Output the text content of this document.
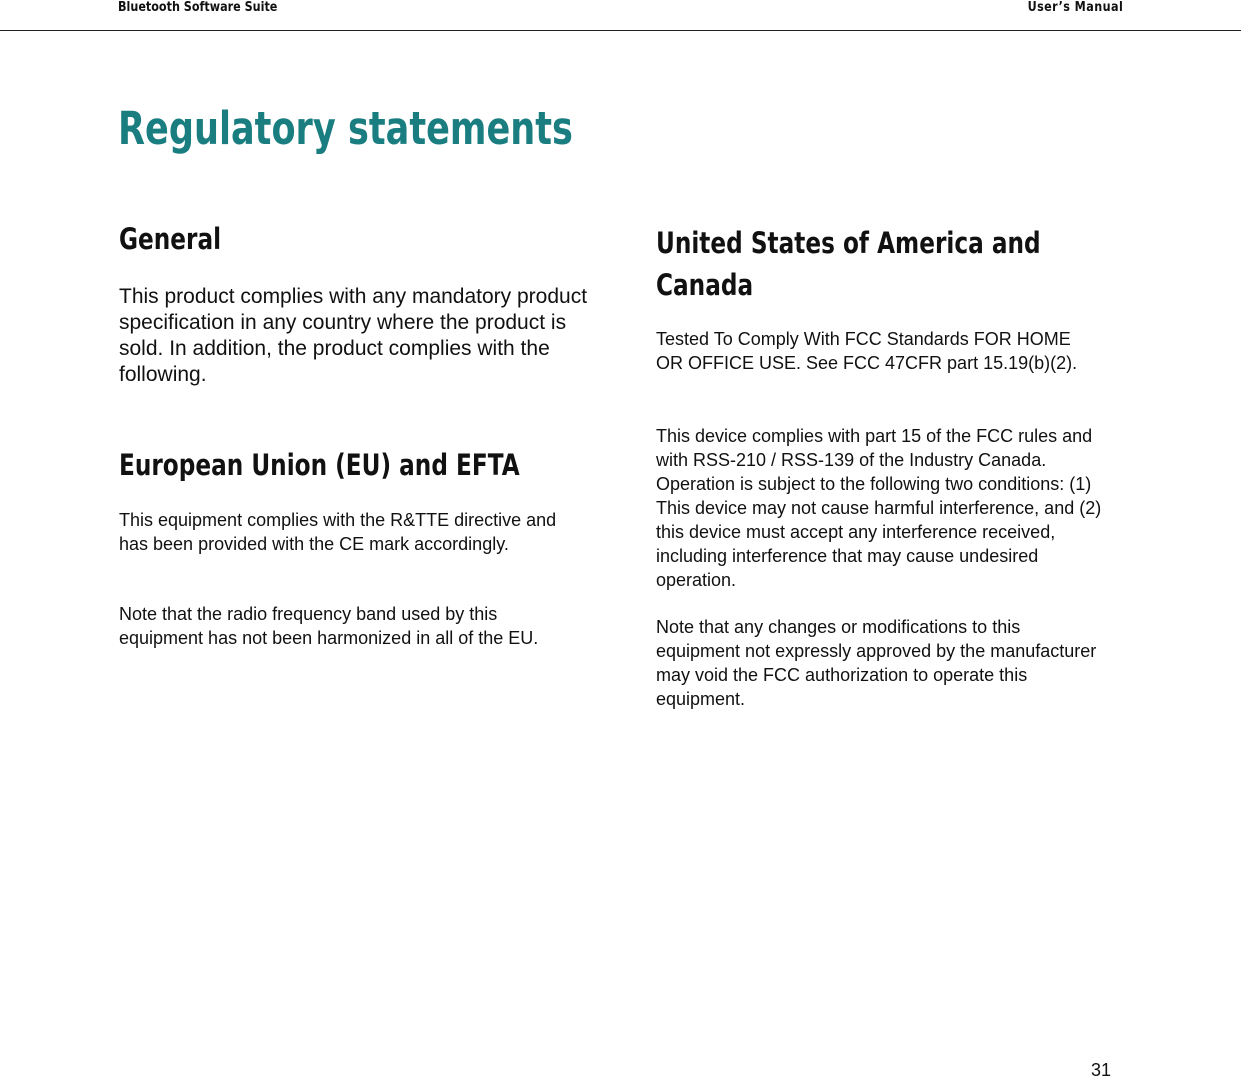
Bluetooth Software Suite	User’s Manual
Regulatory statements
General

This product complies with any mandatory product specification in any country where the product is sold. In addition, the product complies with the following.

European Union (EU) and EFTA

This equipment complies with the R&TTE directive and has been provided with the CE mark accordingly.

Note that the radio frequency band used by this equipment has not been harmonized in all of the EU.

United States of America and
Canada

Tested To Comply With FCC Standards FOR HOME OR OFFICE USE. See FCC 47CFR part 15.19(b)(2).

This device complies with part 15 of the FCC rules and with RSS-210 / RSS-139 of the Industry Canada. Operation is subject to the following two conditions: (1) This device may not cause harmful interference, and (2) this device must accept any interference received, including interference that may cause undesired operation.

Note that any changes or modifications to this equipment not expressly approved by the manufacturer may void the FCC authorization to operate this equipment.

31
